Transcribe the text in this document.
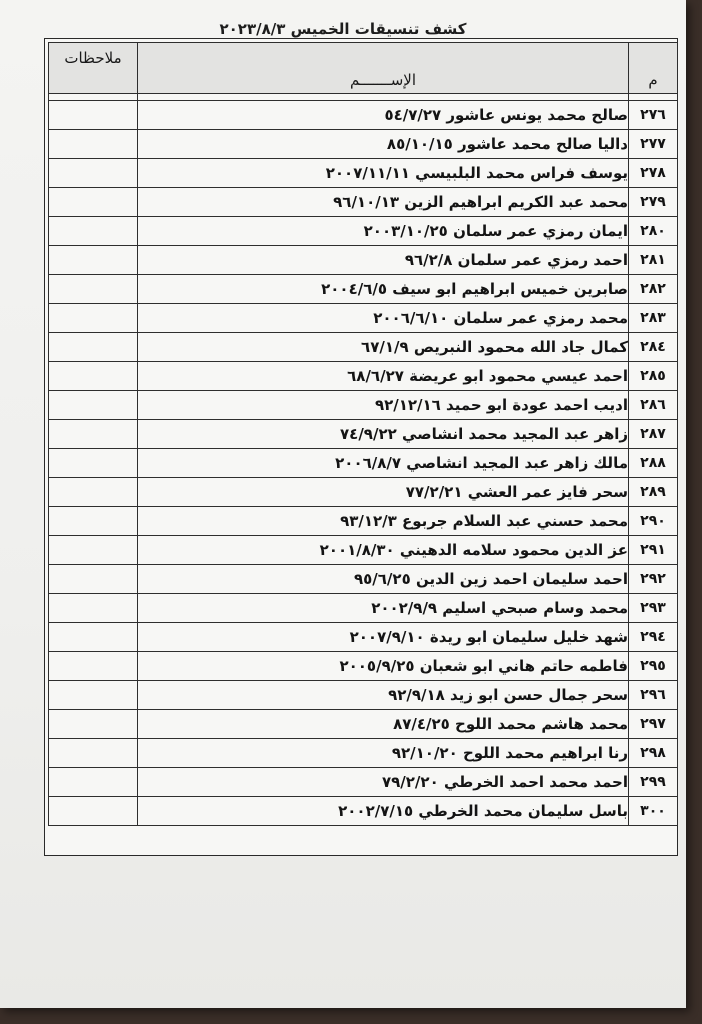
كشف تنسيقات الخميس ٢٠٢٣/٨/٣
م	الإســـــــم	ملاحظات

٢٧٦	صالح محمد يونس عاشور ٥٤/٧/٢٧	
٢٧٧	داليا صالح محمد عاشور ٨٥/١٠/١٥	
٢٧٨	يوسف فراس محمد البلبيسي ٢٠٠٧/١١/١١	
٢٧٩	محمد عبد الكريم ابراهيم الزين ٩٦/١٠/١٣	
٢٨٠	ايمان رمزي عمر سلمان ٢٠٠٣/١٠/٢٥	
٢٨١	احمد رمزي عمر سلمان ٩٦/٢/٨	
٢٨٢	صابرين خميس ابراهيم ابو سيف ٢٠٠٤/٦/٥	
٢٨٣	محمد رمزي عمر سلمان ٢٠٠٦/٦/١٠	
٢٨٤	كمال جاد الله محمود النبريص ٦٧/١/٩	
٢٨٥	احمد عيسي محمود ابو عريضة ٦٨/٦/٢٧	
٢٨٦	اديب احمد عودة ابو حميد ٩٢/١٢/١٦	
٢٨٧	زاهر عبد المجيد محمد انشاصي ٧٤/٩/٢٢	
٢٨٨	مالك زاهر عبد المجيد انشاصي ٢٠٠٦/٨/٧	
٢٨٩	سحر فايز عمر العشي ٧٧/٢/٢١	
٢٩٠	محمد حسني عبد السلام جربوع ٩٣/١٢/٣	
٢٩١	عز الدين محمود سلامه الدهيني ٢٠٠١/٨/٣٠	
٢٩٢	احمد سليمان احمد زين الدين ٩٥/٦/٢٥	
٢٩٣	محمد وسام صبحي اسليم ٢٠٠٢/٩/٩	
٢٩٤	شهد خليل سليمان ابو ريدة ٢٠٠٧/٩/١٠	
٢٩٥	فاطمه حاتم هاني ابو شعبان ٢٠٠٥/٩/٢٥	
٢٩٦	سحر جمال حسن ابو زيد ٩٢/٩/١٨	
٢٩٧	محمد هاشم محمد اللوح ٨٧/٤/٢٥	
٢٩٨	رنا ابراهيم محمد اللوح ٩٢/١٠/٢٠	
٢٩٩	احمد محمد احمد الخرطي ٧٩/٢/٢٠	
٣٠٠	باسل سليمان محمد الخرطي ٢٠٠٢/٧/١٥	
